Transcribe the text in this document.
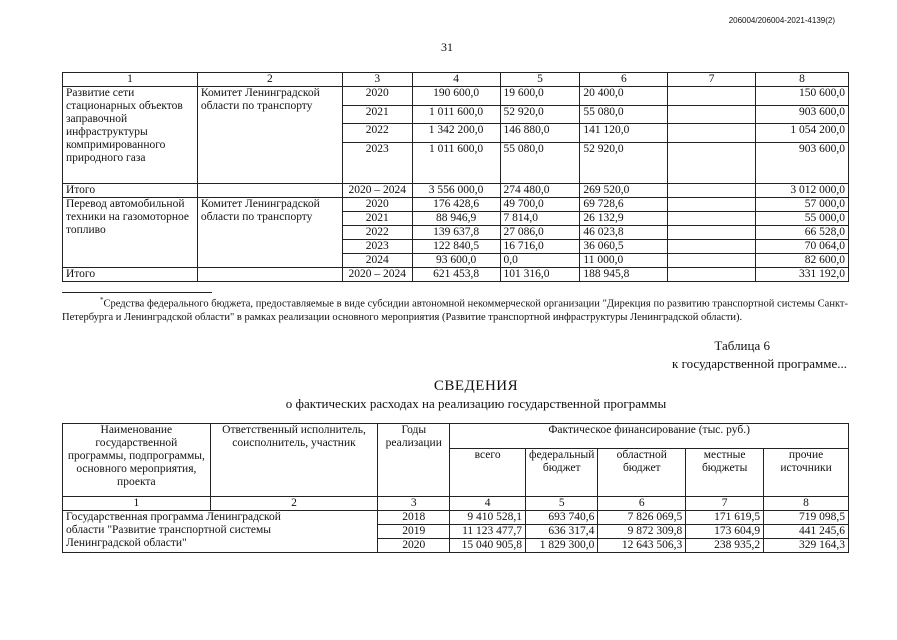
206004/206004-2021-4139(2)
31
1	2	3	4	5	6	7	8
Развитие сети стационарных объектов заправочной инфраструктуры компримированного природного газа	Комитет Ленинградской области по транспорту	2020	190 600,0	19 600,0	20 400,0		150 600,0
		2021	1 011 600,0	52 920,0	55 080,0		903 600,0
		2022	1 342 200,0	146 880,0	141 120,0		1 054 200,0
		2023	1 011 600,0	55 080,0	52 920,0		903 600,0
Итого		2020 – 2024	3 556 000,0	274 480,0	269 520,0		3 012 000,0
Перевод автомобильной техники на газомоторное топливо	Комитет Ленинградской области по транспорту	2020	176 428,6	49 700,0	69 728,6		57 000,0
		2021	88 946,9	7 814,0	26 132,9		55 000,0
		2022	139 637,8	27 086,0	46 023,8		66 528,0
		2023	122 840,5	16 716,0	36 060,5		70 064,0
		2024	93 600,0	0,0	11 000,0		82 600,0
Итого		2020 – 2024	621 453,8	101 316,0	188 945,8		331 192,0
*Средства федерального бюджета, предоставляемые в виде субсидии автономной некоммерческой организации "Дирекция по развитию транспортной системы Санкт-Петербурга и Ленинградской области" в рамках реализации основного мероприятия (Развитие транспортной инфраструктуры Ленинградской области).
Таблица 6
к государственной программе...
СВЕДЕНИЯ
о фактических расходах на реализацию государственной программы
Наименование государственной программы, подпрограммы, основного мероприятия, проекта	Ответственный исполнитель, соисполнитель, участник	Годы реализации	Фактическое финансирование (тыс. руб.)				
			всего	федеральный бюджет	областной бюджет	местные бюджеты	прочие источники
1	2	3	4	5	6	7	8
Государственная программа Ленинградской области "Развитие транспортной системы Ленинградской области"		2018	9 410 528,1	693 740,6	7 826 069,5	171 619,5	719 098,5
		2019	11 123 477,7	636 317,4	9 872 309,8	173 604,9	441 245,6
		2020	15 040 905,8	1 829 300,0	12 643 506,3	238 935,2	329 164,3
